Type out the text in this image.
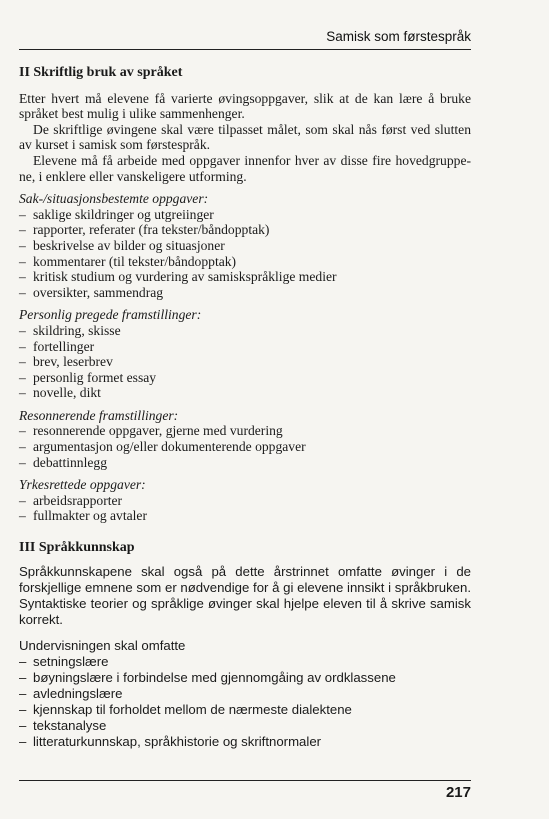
Samisk som førstespråk
II Skriftlig bruk av språket

Etter hvert må elevene få varierte øvingsoppgaver, slik at de kan lære å bruke språket best mulig i ulike sammenhenger.

De skriftlige øvingene skal være tilpasset målet, som skal nås først ved slutten av kurset i samisk som førstespråk.

Elevene må få arbeide med oppgaver innenfor hver av disse fire hovedgruppe-ne, i enklere eller vanskeligere utforming.

Sak-/situasjonsbestemte oppgaver:

– saklige skildringer og utgreiinger
– rapporter, referater (fra tekster/båndopptak)
– beskrivelse av bilder og situasjoner
– kommentarer (til tekster/båndopptak)
– kritisk studium og vurdering av samiskspråklige medier
– oversikter, sammendrag

Personlig pregede framstillinger:

– skildring, skisse
– fortellinger
– brev, leserbrev
– personlig formet essay
– novelle, dikt

Resonnerende framstillinger:

– resonnerende oppgaver, gjerne med vurdering
– argumentasjon og/eller dokumenterende oppgaver
– debattinnlegg

Yrkesrettede oppgaver:

– arbeidsrapporter
– fullmakter og avtaler
III Språkkunnskap

Språkkunnskapene skal også på dette årstrinnet omfatte øvinger i de forskjellige emnene som er nødvendige for å gi elevene innsikt i språkbruken. Syntaktiske teorier og språklige øvinger skal hjelpe eleven til å skrive samisk korrekt.

Undervisningen skal omfatte

– setningslære
– bøyningslære i forbindelse med gjennomgåing av ordklassene
– avledningslære
– kjennskap til forholdet mellom de nærmeste dialektene
– tekstanalyse
– litteraturkunnskap, språkhistorie og skriftnormaler
217
